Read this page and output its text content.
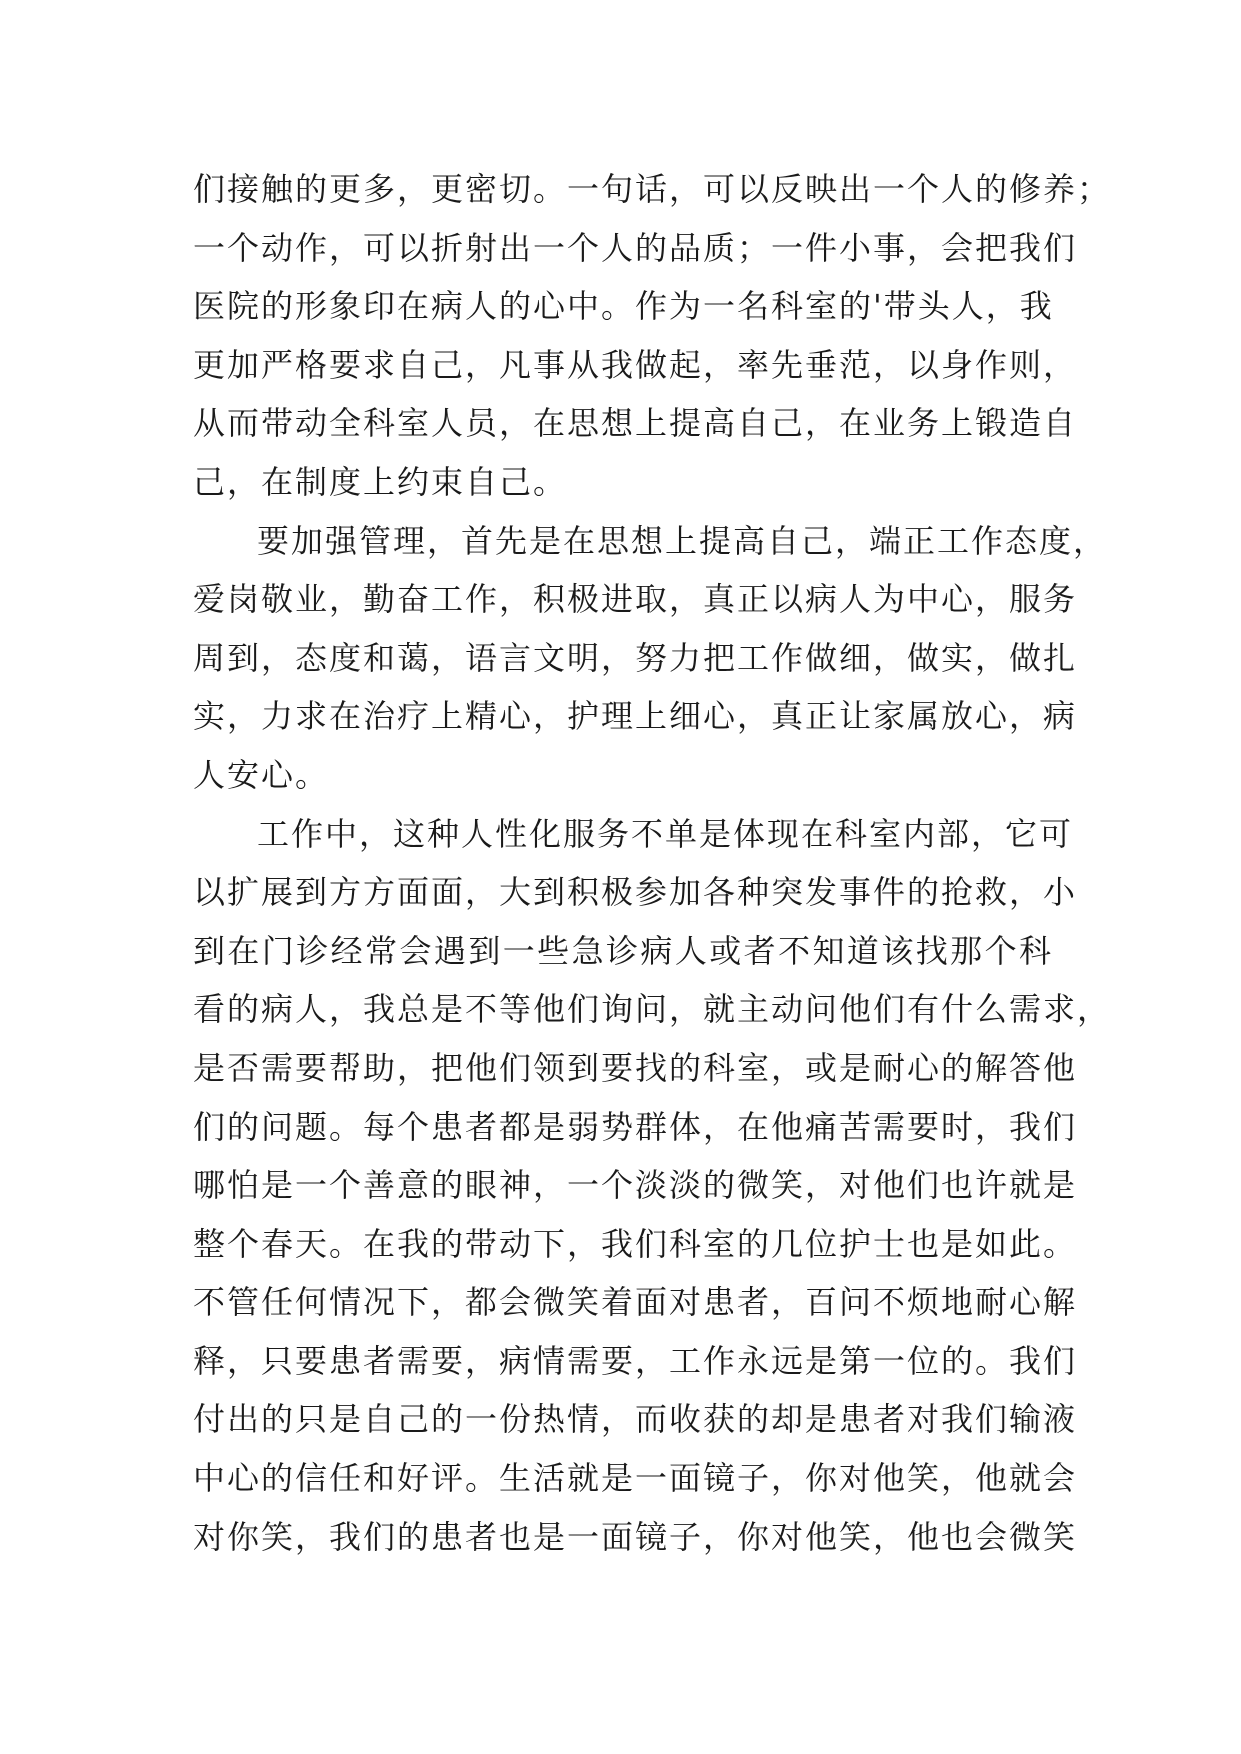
们接触的更多，更密切。一句话，可以反映出一个人的修养；
一个动作，可以折射出一个人的品质；一件小事，会把我们
医院的形象印在病人的心中。作为一名科室的'带头人，我
更加严格要求自己，凡事从我做起，率先垂范，以身作则，
从而带动全科室人员，在思想上提高自己，在业务上锻造自
己，在制度上约束自己。
要加强管理，首先是在思想上提高自己，端正工作态度，
爱岗敬业，勤奋工作，积极进取，真正以病人为中心，服务
周到，态度和蔼，语言文明，努力把工作做细，做实，做扎
实，力求在治疗上精心，护理上细心，真正让家属放心，病
人安心。
工作中，这种人性化服务不单是体现在科室内部，它可
以扩展到方方面面，大到积极参加各种突发事件的抢救，小
到在门诊经常会遇到一些急诊病人或者不知道该找那个科
看的病人，我总是不等他们询问，就主动问他们有什么需求，
是否需要帮助，把他们领到要找的科室，或是耐心的解答他
们的问题。每个患者都是弱势群体，在他痛苦需要时，我们
哪怕是一个善意的眼神，一个淡淡的微笑，对他们也许就是
整个春天。在我的带动下，我们科室的几位护士也是如此。
不管任何情况下，都会微笑着面对患者，百问不烦地耐心解
释，只要患者需要，病情需要，工作永远是第一位的。我们
付出的只是自己的一份热情，而收获的却是患者对我们输液
中心的信任和好评。生活就是一面镜子，你对他笑，他就会
对你笑，我们的患者也是一面镜子，你对他笑，他也会微笑
